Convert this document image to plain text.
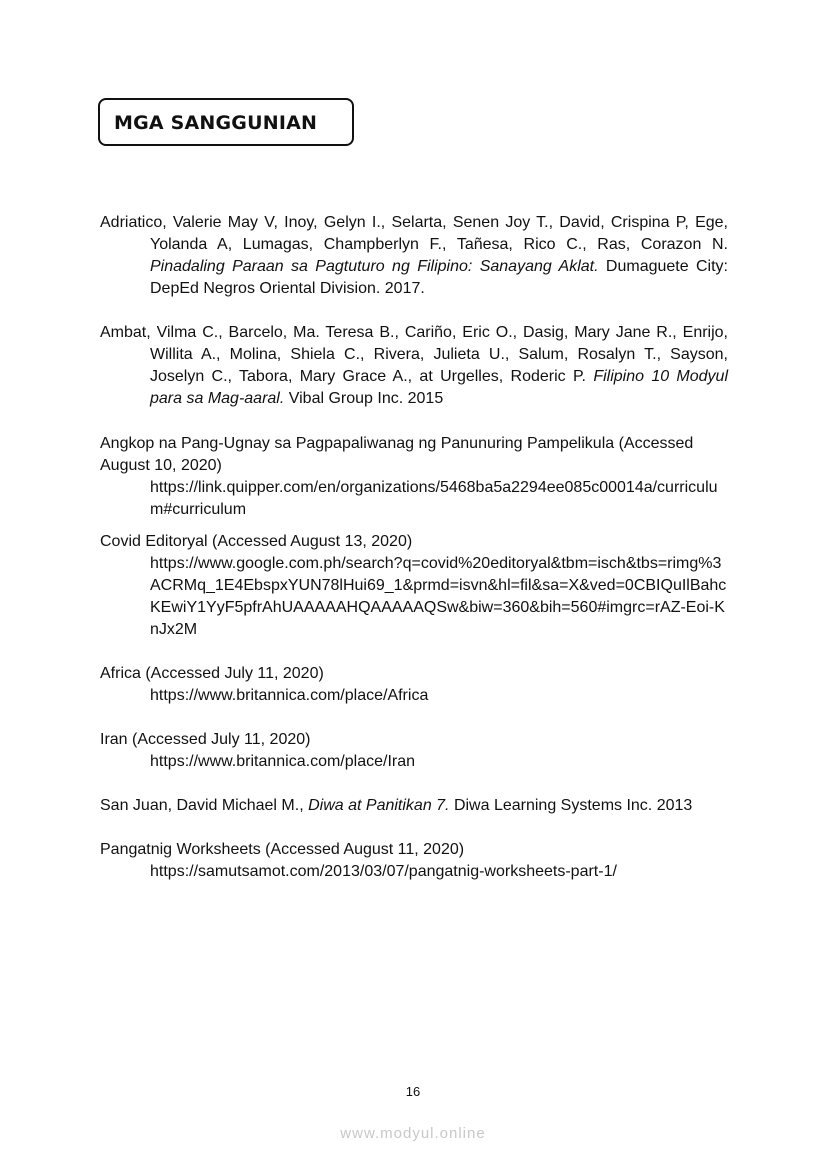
MGA SANGGUNIAN

Adriatico, Valerie May V, Inoy, Gelyn I., Selarta, Senen Joy T., David, Crispina P, Ege, Yolanda A, Lumagas, Champberlyn F., Tañesa, Rico C., Ras, Corazon N. Pinadaling Paraan sa Pagtuturo ng Filipino: Sanayang Aklat. Dumaguete City: DepEd Negros Oriental Division. 2017.

Ambat, Vilma C., Barcelo, Ma. Teresa B., Cariño, Eric O., Dasig, Mary Jane R., Enrijo, Willita A., Molina, Shiela C., Rivera, Julieta U., Salum, Rosalyn T., Sayson, Joselyn C., Tabora, Mary Grace A., at Urgelles, Roderic P. Filipino 10 Modyul para sa Mag-aaral. Vibal Group Inc. 2015

Angkop na Pang-Ugnay sa Pagpapaliwanag ng Panunuring Pampelikula (Accessed August 10, 2020)
https://link.quipper.com/en/organizations/5468ba5a2294ee085c00014a/curriculum#curriculum
Covid Editoryal (Accessed August 13, 2020)
https://www.google.com.ph/search?q=covid%20editoryal&tbm=isch&tbs=rimg%3ACRMq_1E4EbspxYUN78lHui69_1&prmd=isvn&hl=fil&sa=X&ved=0CBIQuIlBahcKEwiY1YyF5pfrAhUAAAAAHQAAAAAQSw&biw=360&bih=560#imgrc=rAZ-Eoi-KnJx2M
Africa (Accessed July 11, 2020)
https://www.britannica.com/place/Africa
Iran (Accessed July 11, 2020)
https://www.britannica.com/place/Iran

San Juan, David Michael M., Diwa at Panitikan 7. Diwa Learning Systems Inc. 2013

Pangatnig Worksheets (Accessed August 11, 2020)
https://samutsamot.com/2013/03/07/pangatnig-worksheets-part-1/
16
www.modyul.online
